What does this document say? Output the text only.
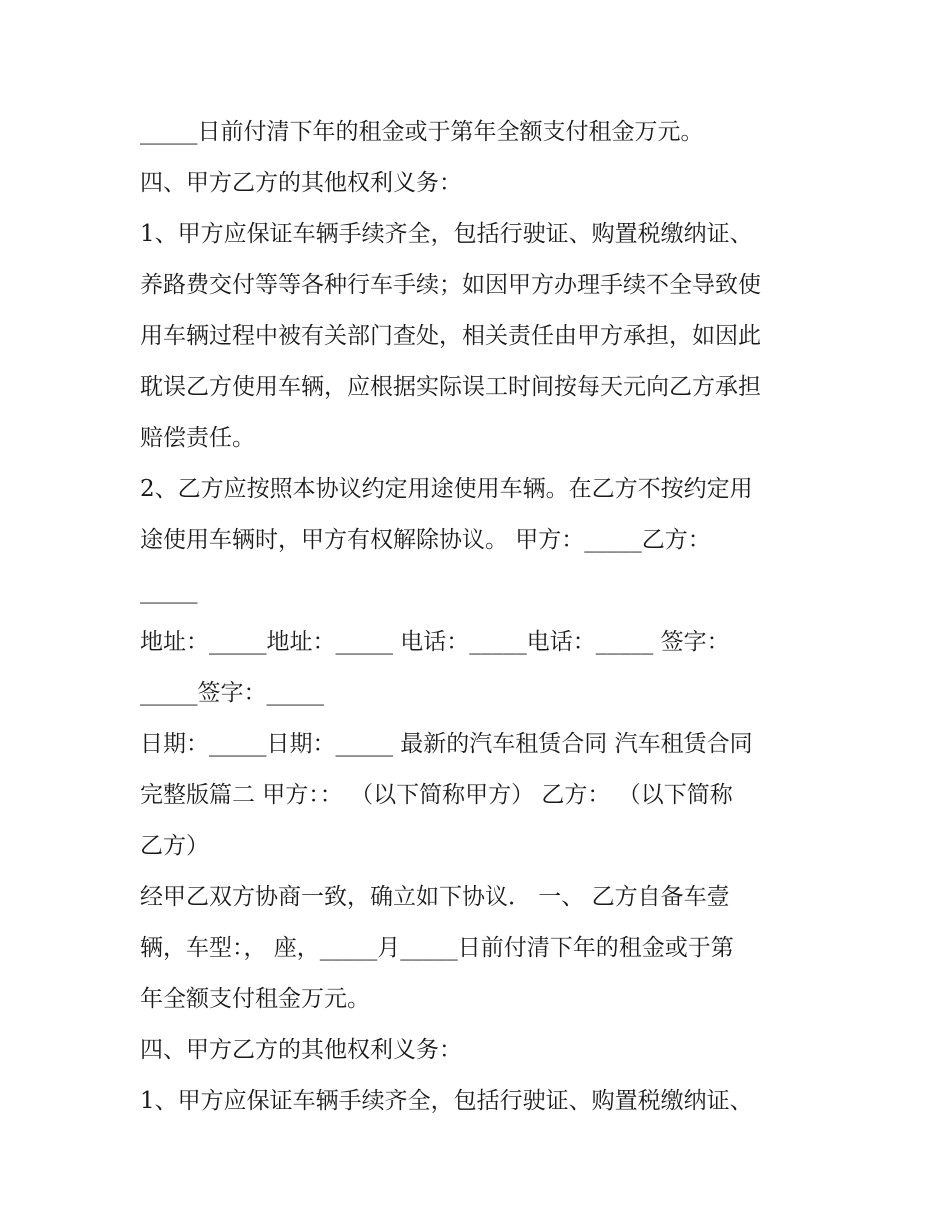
_____日前付清下年的租金或于第年全额支付租金万元。
四、甲方乙方的其他权利义务：
1、甲方应保证车辆手续齐全，包括行驶证、购置税缴纳证、
养路费交付等等各种行车手续；如因甲方办理手续不全导致使
用车辆过程中被有关部门查处，相关责任由甲方承担，如因此
耽误乙方使用车辆，应根据实际误工时间按每天元向乙方承担
赔偿责任。
2、乙方应按照本协议约定用途使用车辆。在乙方不按约定用
途使用车辆时，甲方有权解除协议。 甲方：_____乙方：
_____
地址：_____地址：_____ 电话：_____电话：_____ 签字：
_____签字：_____
日期：_____日期：_____ 最新的汽车租赁合同 汽车租赁合同
完整版篇二 甲方：： （以下简称甲方） 乙方： （以下简称
乙方）
经甲乙双方协商一致，确立如下协议． 一、 乙方自备车壹
辆，车型：， 座，_____月_____日前付清下年的租金或于第
年全额支付租金万元。
四、甲方乙方的其他权利义务：
1、甲方应保证车辆手续齐全，包括行驶证、购置税缴纳证、
